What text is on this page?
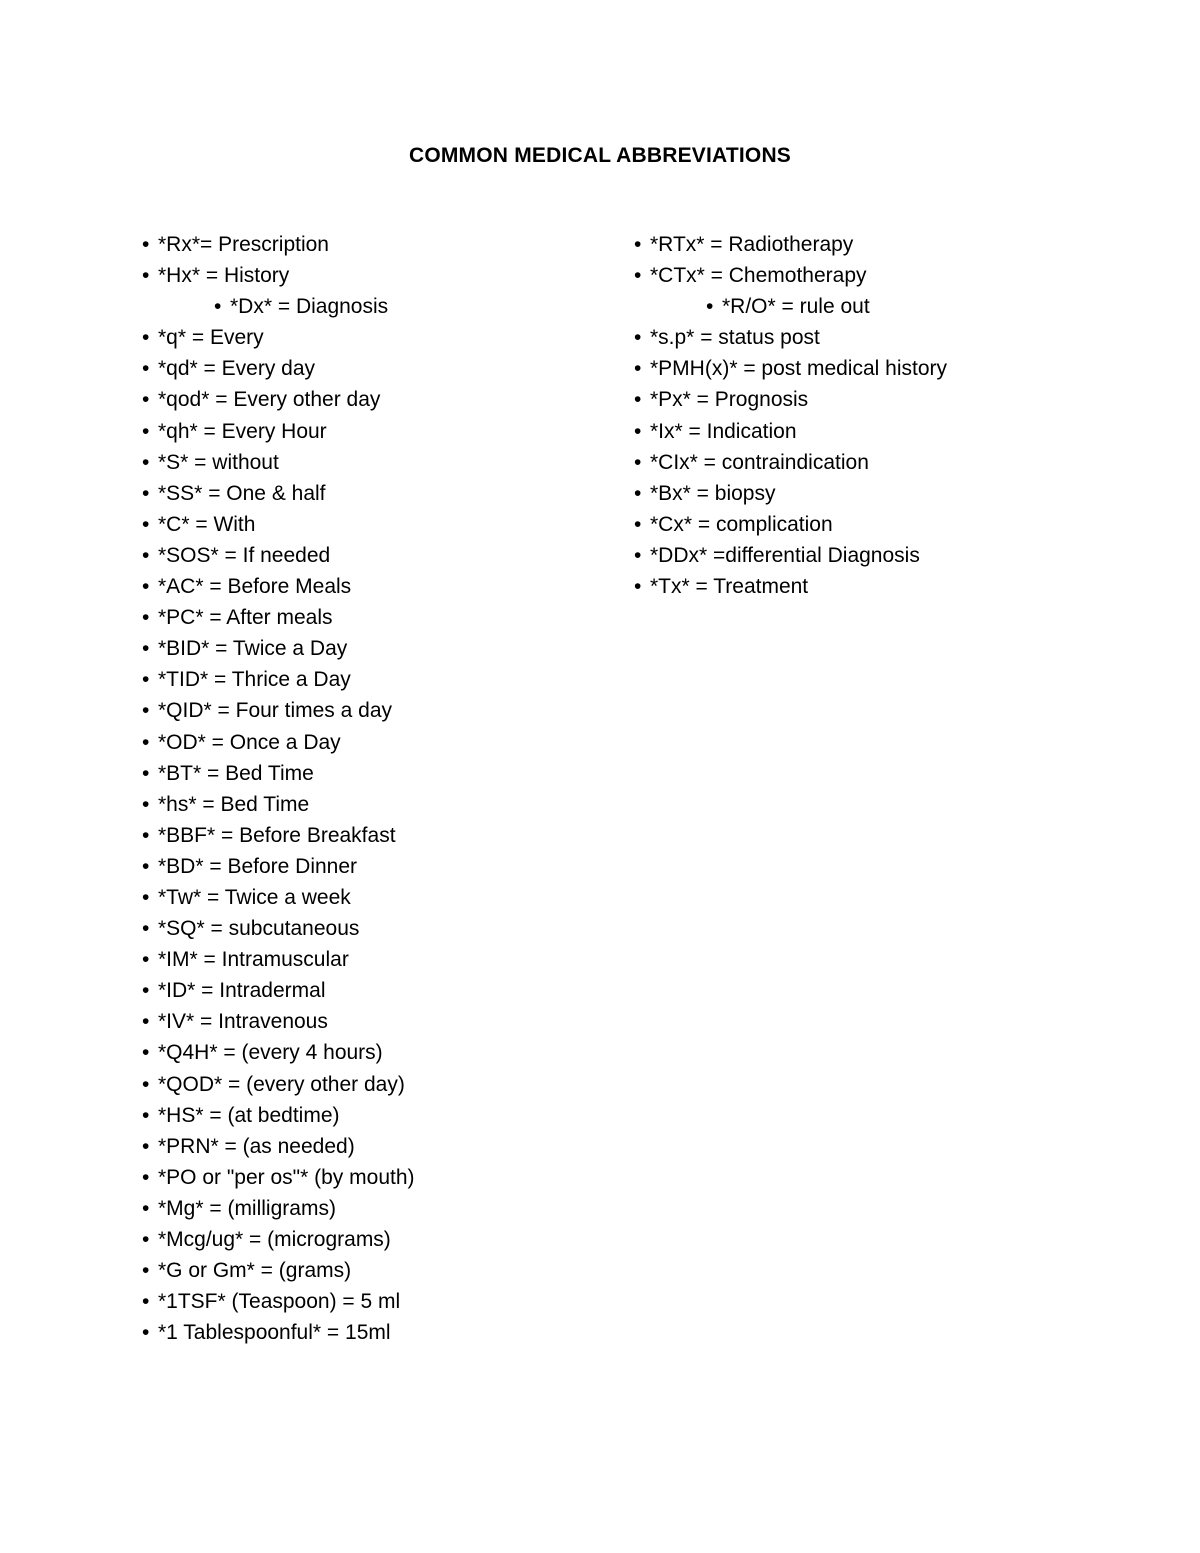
COMMON MEDICAL ABBREVIATIONS
• *Rx*= Prescription
• *Hx* = History
• *Dx* = Diagnosis
• *q* = Every
• *qd* = Every day
• *qod* = Every other day
• *qh* = Every Hour
• *S* = without
• *SS* = One & half
• *C* = With
• *SOS* = If needed
• *AC* = Before Meals
• *PC* = After meals
• *BID* = Twice a Day
• *TID* = Thrice a Day
• *QID* = Four times a day
• *OD* = Once a Day
• *BT* = Bed Time
• *hs* = Bed Time
• *BBF* = Before Breakfast
• *BD* = Before Dinner
• *Tw* = Twice a week
• *SQ* = subcutaneous
• *IM* = Intramuscular
• *ID* = Intradermal
• *IV* = Intravenous
• *Q4H* = (every 4 hours)
• *QOD* = (every other day)
• *HS* = (at bedtime)
• *PRN* = (as needed)
• *PO or "per os"* (by mouth)
• *Mg* = (milligrams)
• *Mcg/ug* = (micrograms)
• *G or Gm* = (grams)
• *1TSF* (Teaspoon) = 5 ml
• *1 Tablespoonful* = 15ml
• *RTx* = Radiotherapy
• *CTx* = Chemotherapy
• *R/O* = rule out
• *s.p* = status post
• *PMH(x)* = post medical history
• *Px* = Prognosis
• *Ix* = Indication
• *CIx* = contraindication
• *Bx* = biopsy
• *Cx* = complication
• *DDx* =differential Diagnosis
• *Tx* = Treatment
